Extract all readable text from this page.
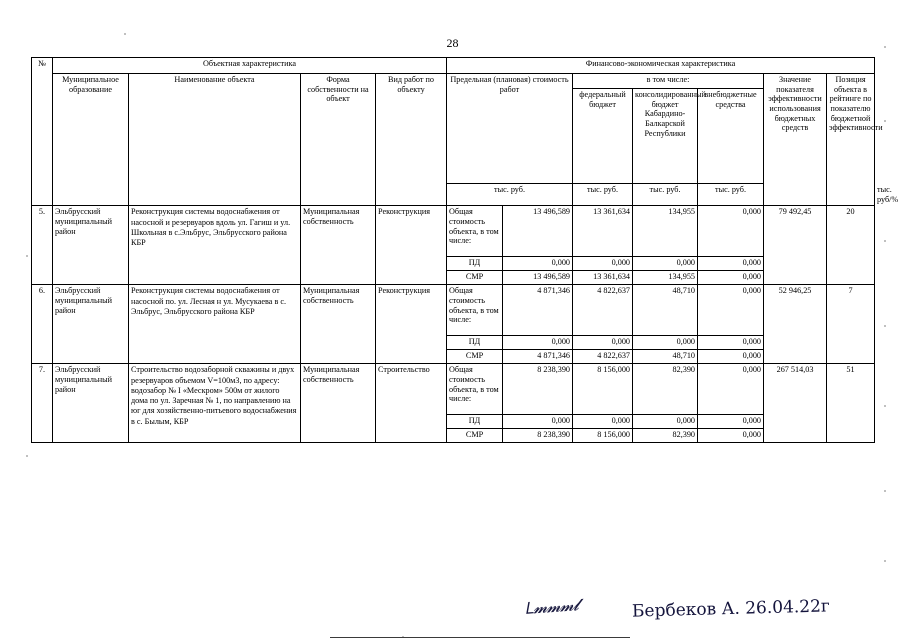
28
№	Объектная характеристика				Финансово-экономическая характеристика							
	Муниципальное образование	Наименование объекта	Форма собственности на объект	Вид работ по объекту	Предельная (плановая) стоимость работ		в том числе:			Значение показателя эффективности использования бюджетных средств	Позиция объекта в рейтинге по показателю бюджетной эффективности	
							федеральный бюджет	консолидированный бюджет Кабардино-Балкарской Республики	внебюджетные средства			
					тыс. руб.		тыс. руб.	тыс. руб.	тыс. руб.			тыс. руб/%	
5.	Эльбрусский муниципальный район	Реконструкция системы водоснабжения от насосной и резервуаров вдоль ул. Гагиш и ул. Школьная в с.Эльбрус, Эльбрусского района КБР	Муниципальная собственность	Реконструкция	Общая стоимость объекта, в том числе:	13 496,589	13 361,634	134,955	0,000	79 492,45	20	
					ПД	0,000	0,000	0,000	0,000			
					СМР	13 496,589	13 361,634	134,955	0,000			
6.	Эльбрусский муниципальный район	Реконструкция системы водоснабжения от насосной по. ул. Лесная н ул. Мусукаева в с. Эльбрус, Эльбрусского района КБР	Муниципальная собственность	Реконструкция	Общая стоимость объекта, в том числе:	4 871,346	4 822,637	48,710	0,000	52 946,25	7	
					ПД	0,000	0,000	0,000	0,000			
					СМР	4 871,346	4 822,637	48,710	0,000			
7.	Эльбрусский муниципальный район	Строительство водозаборной скважины и двух резервуаров объемом V=100м3, по адресу: водозабор № I «Мескром» 500м от жилого дома по ул. Заречная № 1, по направлению на юг для хозяйственно-питьевого водоснабжения в с. Былым, КБР	Муниципальная собственность	Строительство	Общая стоимость объекта, в том числе:	8 238,390	8 156,000	82,390	0,000	267 514,03	51	
					ПД	0,000	0,000	0,000	0,000			
					СМР	8 238,390	8 156,000	82,390	0,000			
Ꮮ𝓶𝓶𝓶𝓵	Бербеков А. 26.04.22г
